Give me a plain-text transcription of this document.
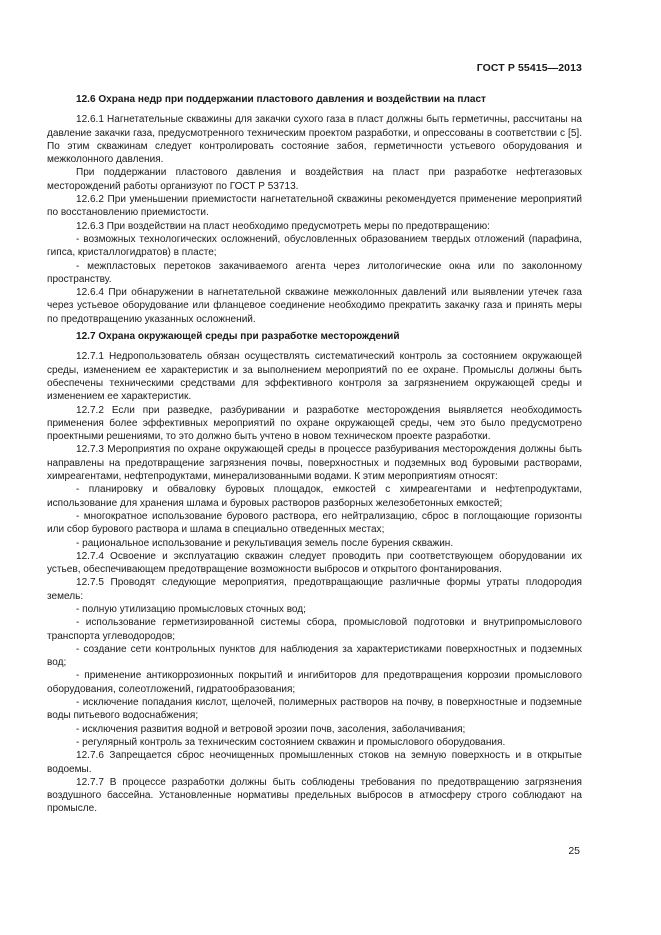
ГОСТ Р 55415—2013

12.6 Охрана недр при поддержании пластового давления и воздействии на пласт

12.6.1 Нагнетательные скважины для закачки сухого газа в пласт должны быть герметичны, рассчитаны на давление закачки газа, предусмотренного техническим проектом разработки, и опрессованы в соответствии с [5]. По этим скважинам следует контролировать состояние забоя, герметичности устьевого оборудования и межколонного давления.

При поддержании пластового давления и воздействия на пласт при разработке нефтегазовых месторождений работы организуют по ГОСТ Р 53713.

12.6.2 При уменьшении приемистости нагнетательной скважины рекомендуется применение мероприятий по восстановлению приемистости.

12.6.3 При воздействии на пласт необходимо предусмотреть меры по предотвращению:

- возможных технологических осложнений, обусловленных образованием твердых отложений (парафина, гипса, кристаллогидратов) в пласте;

- межпластовых перетоков закачиваемого агента через литологические окна или по заколонному пространству.

12.6.4 При обнаружении в нагнетательной скважине межколонных давлений или выявлении утечек газа через устьевое оборудование или фланцевое соединение необходимо прекратить закачку газа и принять меры по предотвращению указанных осложнений.

12.7 Охрана окружающей среды при разработке месторождений

12.7.1 Недропользователь обязан осуществлять систематический контроль за состоянием окружающей среды, изменением ее характеристик и за выполнением мероприятий по ее охране. Промыслы должны быть обеспечены техническими средствами для эффективного контроля за загрязнением окружающей среды и изменением ее характеристик.

12.7.2 Если при разведке, разбуривании и разработке месторождения выявляется необходимость применения более эффективных мероприятий по охране окружающей среды, чем это было предусмотрено проектными решениями, то это должно быть учтено в новом техническом проекте разработки.

12.7.3 Мероприятия по охране окружающей среды в процессе разбуривания месторождения должны быть направлены на предотвращение загрязнения почвы, поверхностных и подземных вод буровыми растворами, химреагентами, нефтепродуктами, минерализованными водами. К этим мероприятиям относят:

- планировку и обваловку буровых площадок, емкостей с химреагентами и нефтепродуктами, использование для хранения шлама и буровых растворов разборных железобетонных емкостей;

- многократное использование бурового раствора, его нейтрализацию, сброс в поглощающие горизонты или сбор бурового раствора и шлама в специально отведенных местах;

- рациональное использование и рекультивация земель после бурения скважин.

12.7.4 Освоение и эксплуатацию скважин следует проводить при соответствующем оборудовании их устьев, обеспечивающем предотвращение возможности выбросов и открытого фонтанирования.

12.7.5 Проводят следующие мероприятия, предотвращающие различные формы утраты плодородия земель:

- полную утилизацию промысловых сточных вод;

- использование герметизированной системы сбора, промысловой подготовки и внутрипромыслового транспорта углеводородов;

- создание сети контрольных пунктов для наблюдения за характеристиками поверхностных и подземных вод;

- применение антикоррозионных покрытий и ингибиторов для предотвращения коррозии промыслового оборудования, солеотложений, гидратообразования;

- исключение попадания кислот, щелочей, полимерных растворов на почву, в поверхностные и подземные воды питьевого водоснабжения;

- исключения развития водной и ветровой эрозии почв, засоления, заболачивания;

- регулярный контроль за техническим состоянием скважин и промыслового оборудования.

12.7.6 Запрещается сброс неочищенных промышленных стоков на земную поверхность и в открытые водоемы.

12.7.7 В процессе разработки должны быть соблюдены требования по предотвращению загрязнения воздушного бассейна. Установленные нормативы предельных выбросов в атмосферу строго соблюдают на промысле.

25
